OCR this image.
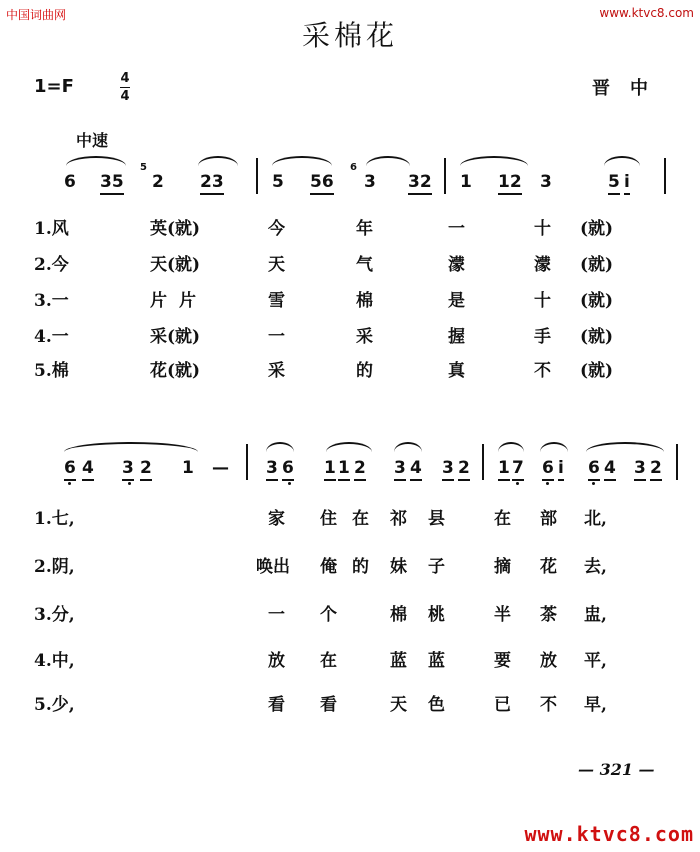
中国词曲网	www.ktvc8.com
采棉花
1=F	4
4	晋中
中速
6 35
5
2 23	5 56
6
3 32 1 12 3	5 i
1.风	英(就)	今	年	一	十 (就)
2.今	天(就)	天	气	濛	濛 (就)
3.一	片片	雪	棉	是	十 (就)
4.一	采(就)	一	采	握	手 (就)
5.棉	花(就)	采	的	真	不 (就)
6 4 3 2 1 — 3 6 1 1 2 3 4 3 2 1 7 6 i 6 4 3 2
1.七,	家 住 在 祁 县	在 部 北,
2.阴,	唤出 俺 的 妹 子	摘 花 去,
3.分,	一 个	棉 桃	半 茶 盅,
4.中,	放 在	蓝 蓝	要 放 平,
5.少,	看 看	天 色	已 不 早,
— 321 —
www.ktvc8.com
